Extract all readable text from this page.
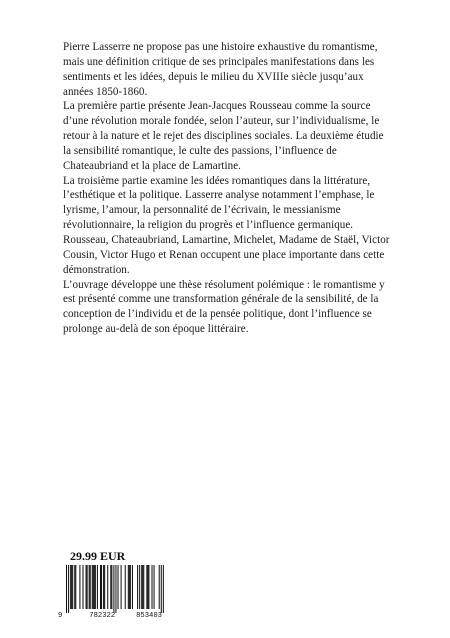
Pierre Lasserre ne propose pas une histoire exhaustive du romantisme, mais une définition critique de ses principales manifestations dans les sentiments et les idées, depuis le milieu du XVIIIe siècle jusqu’aux années 1850-1860.

La première partie présente Jean-Jacques Rousseau comme la source d’une révolution morale fondée, selon l’auteur, sur l’individualisme, le retour à la nature et le rejet des disciplines sociales. La deuxième étudie la sensibilité romantique, le culte des passions, l’influence de Chateaubriand et la place de Lamartine.

La troisième partie examine les idées romantiques dans la littérature, l’esthétique et la politique. Lasserre analyse notamment l’emphase, le lyrisme, l’amour, la personnalité de l’écrivain, le messianisme révolutionnaire, la religion du progrès et l’influence germanique. Rousseau, Chateaubriand, Lamartine, Michelet, Madame de Staël, Victor Cousin, Victor Hugo et Renan occupent une place importante dans cette démonstration.

L’ouvrage développe une thèse résolument polémique : le romantisme y est présenté comme une transformation générale de la sensibilité, de la conception de l’individu et de la pensée politique, dont l’influence se prolonge au-delà de son époque littéraire.

29.99 EUR
9	782322	853403
